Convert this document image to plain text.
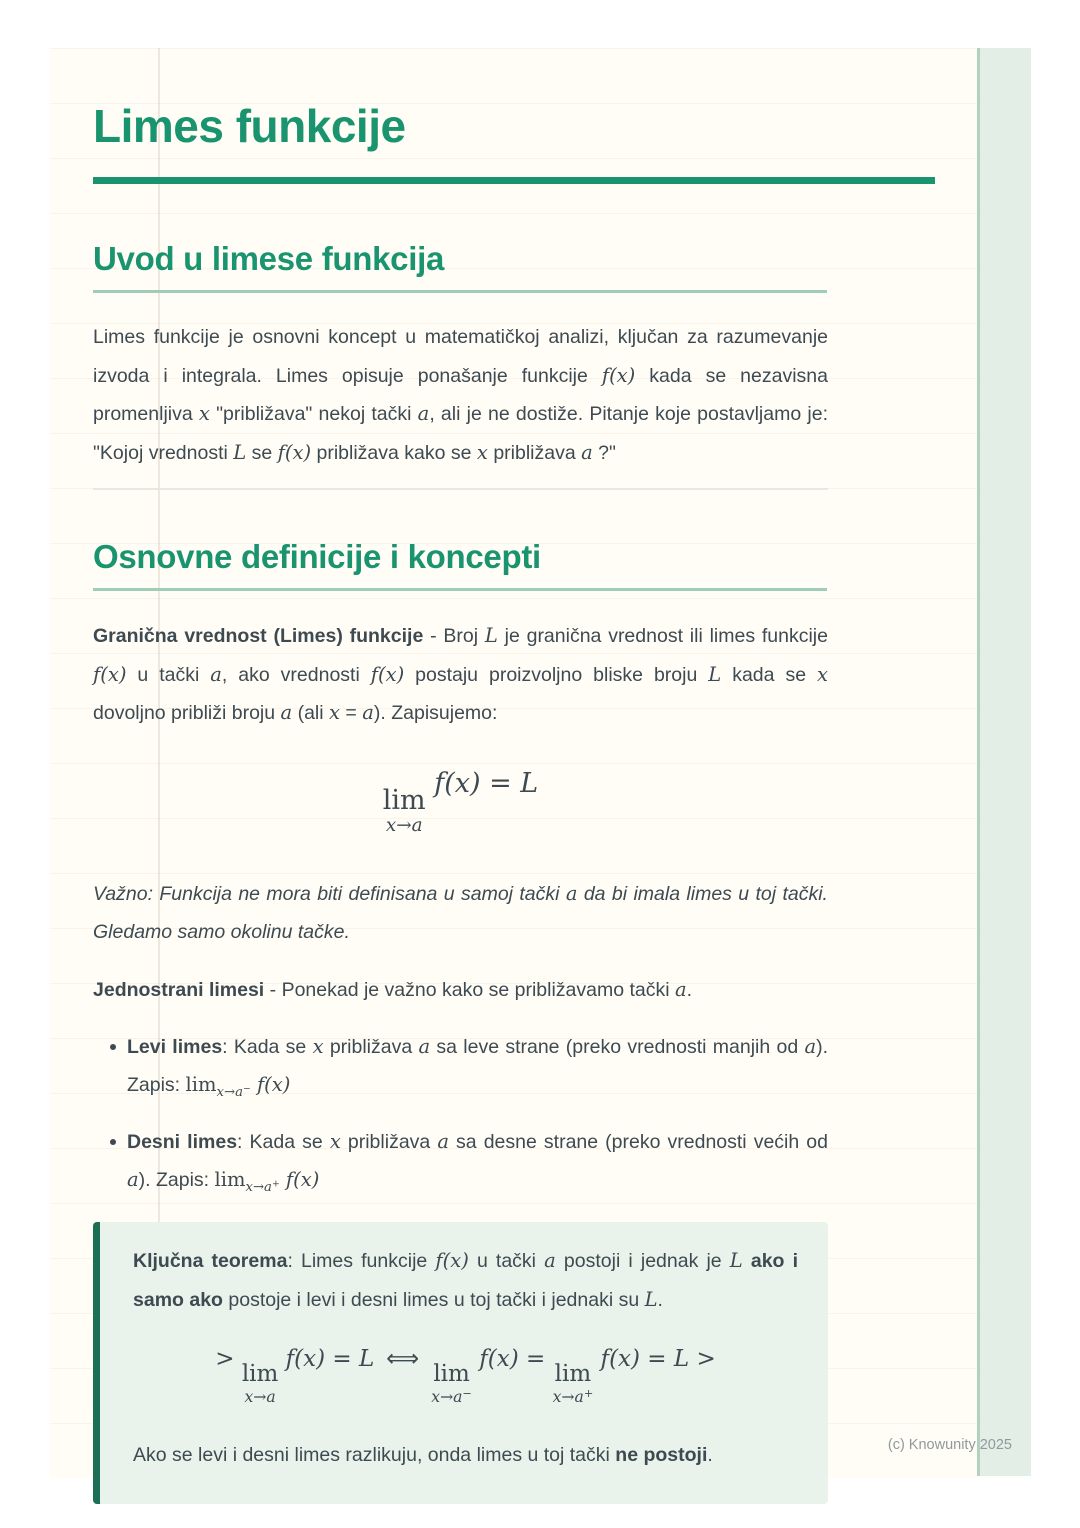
Limes funkcije
Uvod u limese funkcija

Limes funkcije je osnovni koncept u matematičkoj analizi, ključan za razumevanje izvoda i integrala. Limes opisuje ponašanje funkcije f(x) kada se nezavisna promenljiva x "približava" nekoj tački a, ali je ne dostiže. Pitanje koje postavljamo je: "Kojoj vrednosti L se f(x) približava kako se x približava a ?"

Osnovne definicije i koncepti

Granična vrednost (Limes) funkcije - Broj L je granična vrednost ili limes funkcije f(x) u tački a, ako vrednosti f(x) postaju proizvoljno bliske broju L kada se x dovoljno približi broju a (ali x = a). Zapisujemo:

lim
x→a
f(x) = L

Važno: Funkcija ne mora biti definisana u samoj tački a da bi imala limes u toj tački. Gledamo samo okolinu tačke.

Jednostrani limesi - Ponekad je važno kako se približavamo tački a.

Levi limes: Kada se x približava a sa leve strane (preko vrednosti manjih od a). Zapis: $\lim_{x\to a^-} f(x)$
Desni limes: Kada se x približava a sa desne strane (preko vrednosti većih od a). Zapis: $\lim_{x\to a^+} f(x)$

Ključna teorema: Limes funkcije f(x) u tački a postoji i jednak je L ako i samo ako postoje i levi i desni limes u toj tački i jednaki su L.

>
lim
x→a
f(x) = L ⟺
lim
x→a−
f(x) =
lim
x→a+
f(x) = L >

Ako se levi i desni limes razlikuju, onda limes u toj tački ne postoji.	(c) Knowunity 2025
